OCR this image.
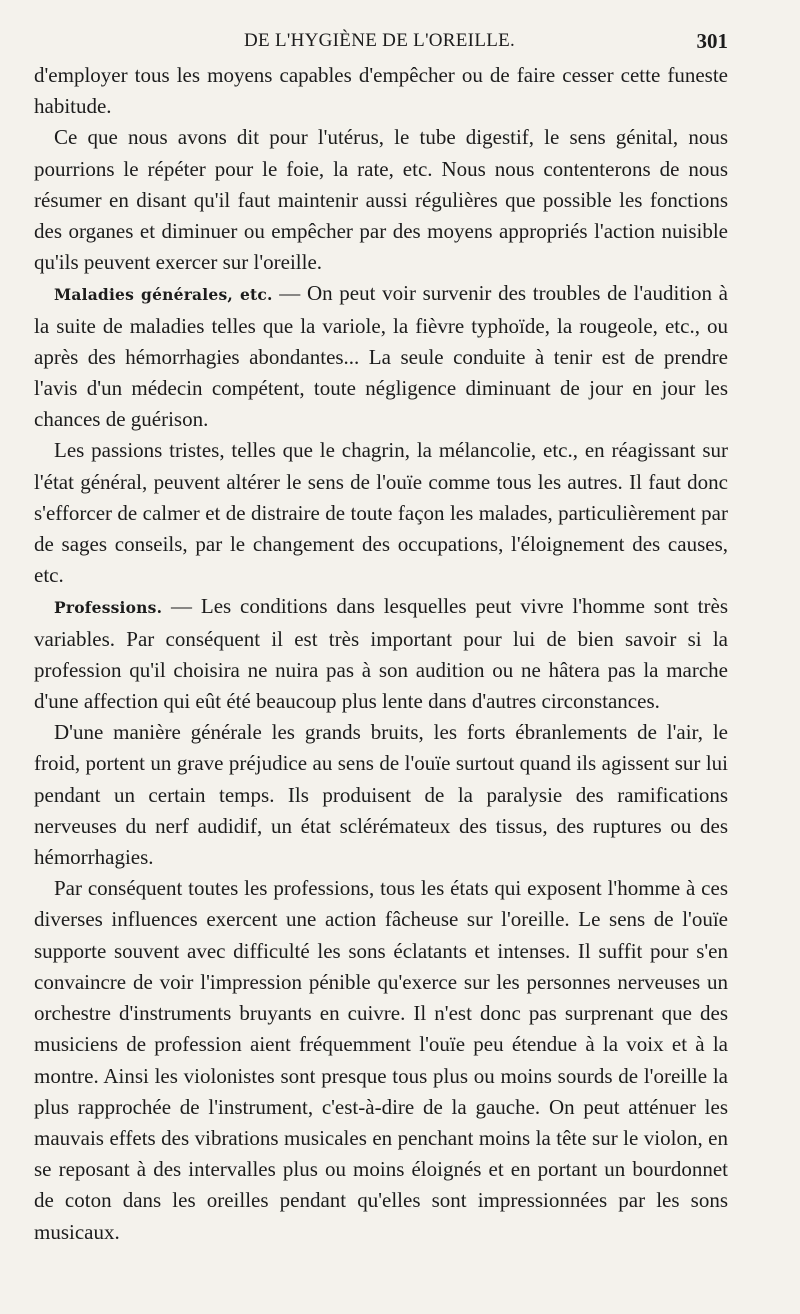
DE L'HYGIÈNE DE L'OREILLE.	301

d'employer tous les moyens capables d'empêcher ou de faire cesser cette funeste habitude.

Ce que nous avons dit pour l'utérus, le tube digestif, le sens génital, nous pourrions le répéter pour le foie, la rate, etc. Nous nous contenterons de nous résumer en disant qu'il faut maintenir aussi régulières que possible les fonctions des organes et diminuer ou empêcher par des moyens appropriés l'action nuisible qu'ils peuvent exercer sur l'oreille.

Maladies générales, etc. — On peut voir survenir des troubles de l'audition à la suite de maladies telles que la variole, la fièvre typhoïde, la rougeole, etc., ou après des hémorrhagies abondantes... La seule conduite à tenir est de prendre l'avis d'un médecin compétent, toute négligence diminuant de jour en jour les chances de guérison.

Les passions tristes, telles que le chagrin, la mélancolie, etc., en réagissant sur l'état général, peuvent altérer le sens de l'ouïe comme tous les autres. Il faut donc s'efforcer de calmer et de distraire de toute façon les malades, particulièrement par de sages conseils, par le changement des occupations, l'éloignement des causes, etc.

Professions. — Les conditions dans lesquelles peut vivre l'homme sont très variables. Par conséquent il est très important pour lui de bien savoir si la profession qu'il choisira ne nuira pas à son audition ou ne hâtera pas la marche d'une affection qui eût été beaucoup plus lente dans d'autres circonstances.

D'une manière générale les grands bruits, les forts ébranlements de l'air, le froid, portent un grave préjudice au sens de l'ouïe surtout quand ils agissent sur lui pendant un certain temps. Ils produisent de la paralysie des ramifications nerveuses du nerf audidif, un état sclérémateux des tissus, des ruptures ou des hémorrhagies.

Par conséquent toutes les professions, tous les états qui exposent l'homme à ces diverses influences exercent une action fâcheuse sur l'oreille. Le sens de l'ouïe supporte souvent avec difficulté les sons éclatants et intenses. Il suffit pour s'en convaincre de voir l'impression pénible qu'exerce sur les personnes nerveuses un orchestre d'instruments bruyants en cuivre. Il n'est donc pas surprenant que des musiciens de profession aient fréquemment l'ouïe peu étendue à la voix et à la montre. Ainsi les violonistes sont presque tous plus ou moins sourds de l'oreille la plus rapprochée de l'instrument, c'est-à-dire de la gauche. On peut atténuer les mauvais effets des vibrations musicales en penchant moins la tête sur le violon, en se reposant à des intervalles plus ou moins éloignés et en portant un bourdonnet de coton dans les oreilles pendant qu'elles sont impressionnées par les sons musicaux.
